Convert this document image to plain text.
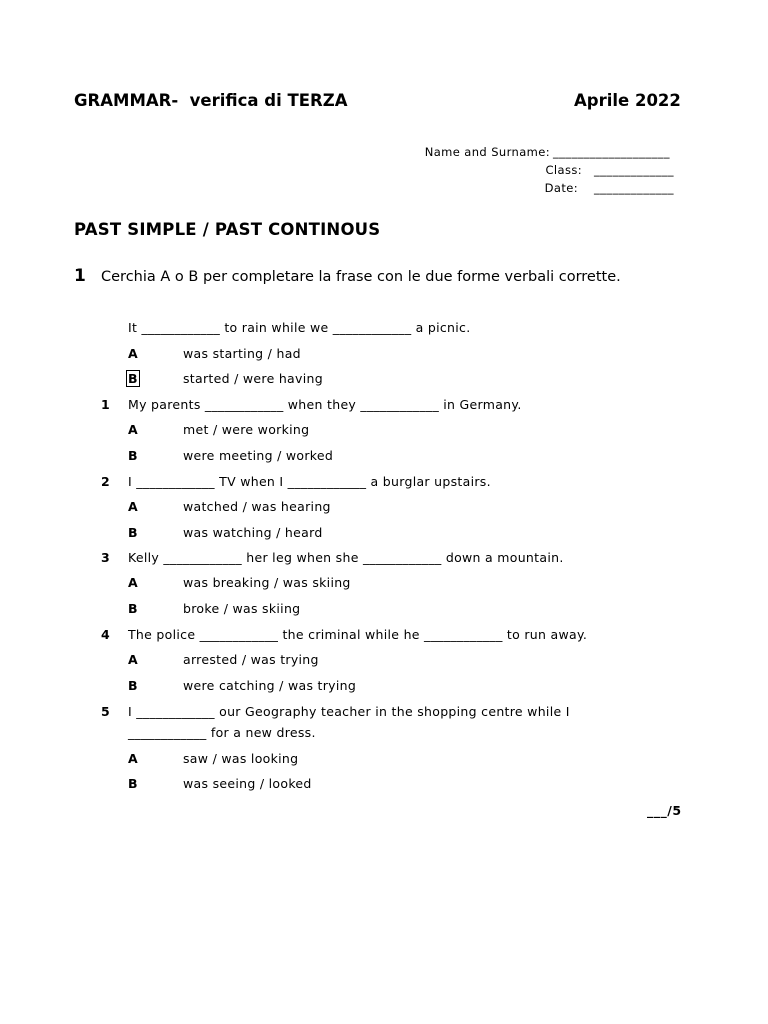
GRAMMAR-  verifica di TERZA	Aprile 2022
Name and Surname: ___________________
Class: _____________
Date: _____________
PAST SIMPLE / PAST CONTINOUS
1 Cerchia A o B per completare la frase con le due forme verbali corrette.
It ____________ to rain while we ____________ a picnic.
A	was starting / had
B	started / were having
1 My parents ____________ when they ____________ in Germany.
A	met / were working
B	were meeting / worked
2 I ____________ TV when I ____________ a burglar upstairs.
A	watched / was hearing
B	was watching / heard
3 Kelly ____________ her leg when she ____________ down a mountain.
A	was breaking / was skiing
B	broke / was skiing
4 The police ____________ the criminal while he ____________ to run away.
A	arrested / was trying
B	were catching / was trying
5 I ____________ our Geography teacher in the shopping centre while I
____________ for a new dress.
A	saw / was looking
B	was seeing / looked
___/5
